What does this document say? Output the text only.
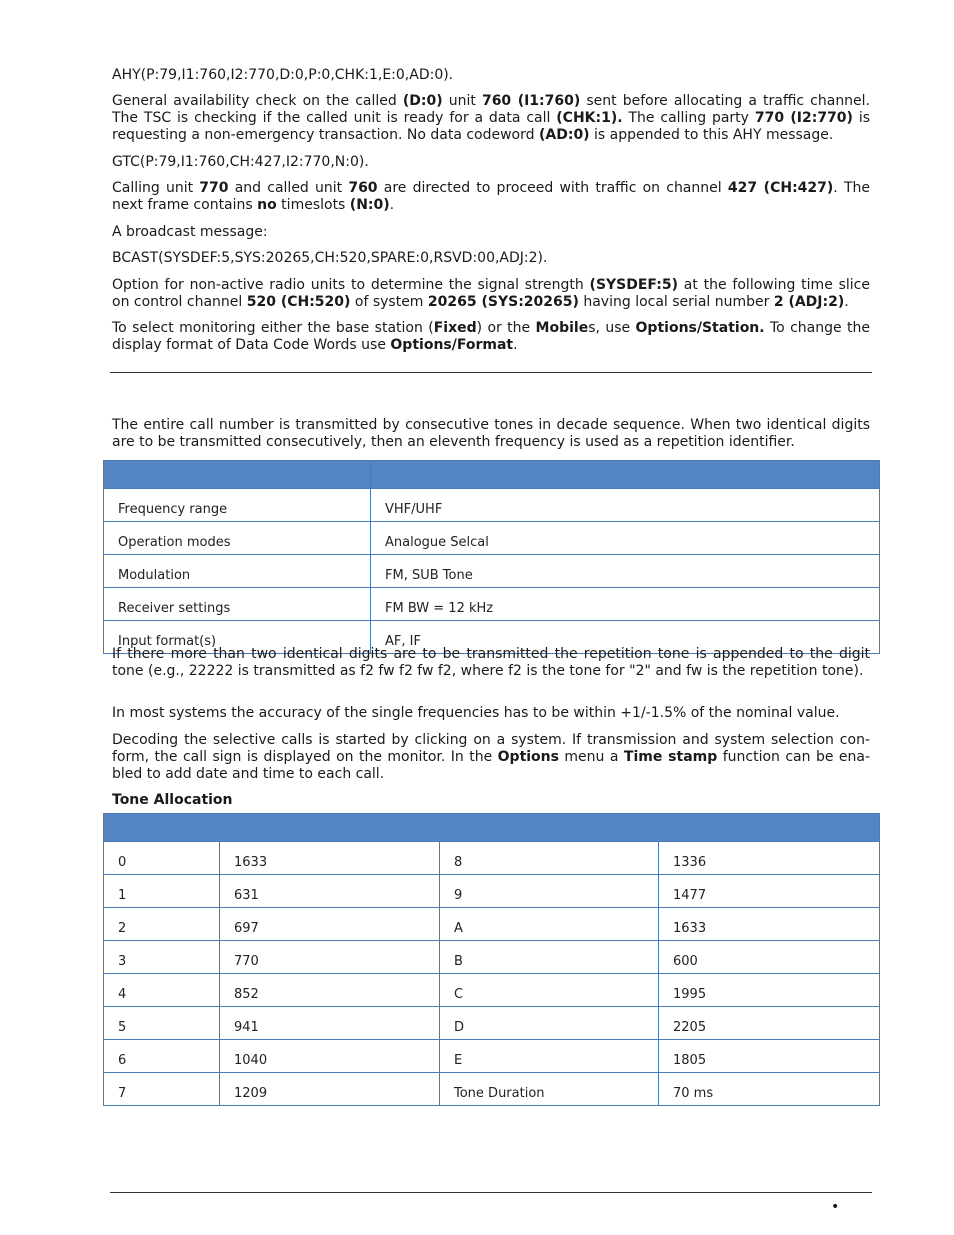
AHY(P:79,I1:760,I2:770,D:0,P:0,CHK:1,E:0,AD:0).

General availability check on the called (D:0) unit 760 (I1:760) sent before allocating a traffic channel. The TSC is checking if the called unit is ready for a data call (CHK:1). The calling party 770 (I2:770) is requesting a non-emergency transaction. No data codeword (AD:0) is appended to this AHY message.

GTC(P:79,I1:760,CH:427,I2:770,N:0).

Calling unit 770 and called unit 760 are directed to proceed with traffic on channel 427 (CH:427). The next frame contains no timeslots (N:0).

A broadcast message:

BCAST(SYSDEF:5,SYS:20265,CH:520,SPARE:0,RSVD:00,ADJ:2).

Option for non-active radio units to determine the signal strength (SYSDEF:5) at the following time slice on control channel 520 (CH:520) of system 20265 (SYS:20265) having local serial number 2 (ADJ:2).

To select monitoring either the base station (Fixed) or the Mobiles, use Options/Station. To change the display format of Data Code Words use Options/Format.

The entire call number is transmitted by consecutive tones in decade sequence. When two identical digits are to be transmitted consecutively, then an eleventh frequency is used as a repetition identifier.

Frequency range	VHF/UHF
Operation modes	Analogue Selcal
Modulation	FM, SUB Tone
Receiver settings	FM BW = 12 kHz
Input format(s)	AF, IF

If there more than two identical digits are to be transmitted the repetition tone is appended to the digit tone (e.g., 22222 is transmitted as f2 fw f2 fw f2, where f2 is the tone for "2" and fw is the repetition tone).

In most systems the accuracy of the single frequencies has to be within +1/-1.5% of the nominal value.

Decoding the selective calls is started by clicking on a system. If transmission and system selection con-form, the call sign is displayed on the monitor. In the Options menu a Time stamp function can be ena-bled to add date and time to each call.

Tone Allocation

0	1633	8	1336
1	631	9	1477
2	697	A	1633
3	770	B	600
4	852	C	1995
5	941	D	2205
6	1040	E	1805
7	1209	Tone Duration	70 ms
•
